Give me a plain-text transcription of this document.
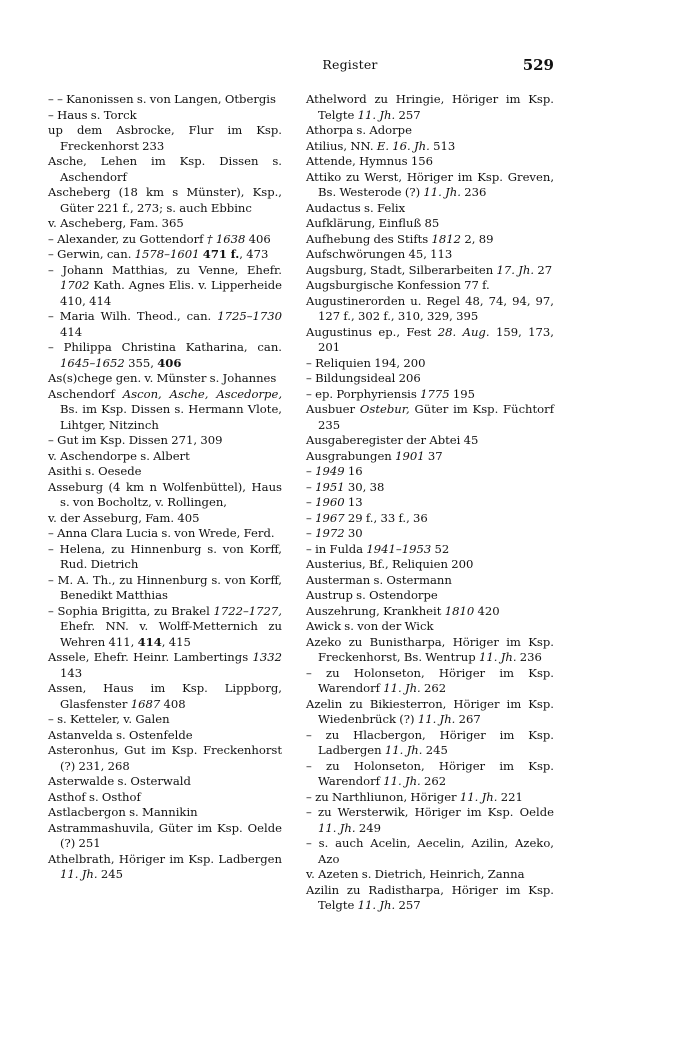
Register	529

– – Kanonissen s. von Langen, Otbergis

– Haus s. Torck

up dem Asbrocke, Flur im Ksp. Freckenhorst 233

Asche, Lehen im Ksp. Dissen s. Aschendorf

Ascheberg (18 km s Münster), Ksp., Güter 221 f., 273; s. auch Ebbinc

v. Ascheberg, Fam. 365

– Alexander, zu Gottendorf † 1638 406

– Gerwin, can. 1578–1601 471 f., 473

– Johann Matthias, zu Venne, Ehefr. 1702 Kath. Agnes Elis. v. Lipperheide 410, 414

– Maria Wilh. Theod., can. 1725–1730 414

– Philippa Christina Katharina, can. 1645–1652 355, 406

As(s)chege gen. v. Münster s. Johannes

Aschendorf Ascon, Asche, Ascedorpe, Bs. im Ksp. Dissen s. Hermann Vlote, Lihtger, Nitzinch

– Gut im Ksp. Dissen 271, 309

v. Aschendorpe s. Albert

Asithi s. Oesede

Asseburg (4 km n Wolfenbüttel), Haus s. von Bocholtz, v. Rollingen,

v. der Asseburg, Fam. 405

– Anna Clara Lucia s. von Wrede, Ferd.

– Helena, zu Hinnenburg s. von Korff, Rud. Dietrich

– M. A. Th., zu Hinnenburg s. von Korff, Benedikt Matthias

– Sophia Brigitta, zu Brakel 1722–1727, Ehefr. NN. v. Wolff-Metternich zu Wehren 411, 414, 415

Assele, Ehefr. Heinr. Lambertings 1332 143

Assen, Haus im Ksp. Lippborg, Glasfenster 1687 408

– s. Ketteler, v. Galen

Astanvelda s. Ostenfelde

Asteronhus, Gut im Ksp. Freckenhorst (?) 231, 268

Asterwalde s. Osterwald

Asthof s. Osthof

Astlacbergon s. Mannikin

Astrammashuvila, Güter im Ksp. Oelde (?) 251

Athelbrath, Höriger im Ksp. Ladbergen 11. Jh. 245

Athelword zu Hringie, Höriger im Ksp. Telgte 11. Jh. 257

Athorpa s. Adorpe

Atilius, NN. E. 16. Jh. 513

Attende, Hymnus 156

Attiko zu Werst, Höriger im Ksp. Greven, Bs. Westerode (?) 11. Jh. 236

Audactus s. Felix

Aufklärung, Einfluß 85

Aufhebung des Stifts 1812 2, 89

Aufschwörungen 45, 113

Augsburg, Stadt, Silberarbeiten 17. Jh. 27

Augsburgische Konfession 77 f.

Augustinerorden u. Regel 48, 74, 94, 97, 127 f., 302 f., 310, 329, 395

Augustinus ep., Fest 28. Aug. 159, 173, 201

– Reliquien 194, 200

– Bildungsideal 206

– ep. Porphyriensis 1775 195

Ausbuer Ostebur, Güter im Ksp. Füchtorf 235

Ausgaberegister der Abtei 45

Ausgrabungen 1901 37

– 1949 16

– 1951 30, 38

– 1960 13

– 1967 29 f., 33 f., 36

– 1972 30

– in Fulda 1941–1953 52

Austerius, Bf., Reliquien 200

Austerman s. Ostermann

Austrup s. Ostendorpe

Auszehrung, Krankheit 1810 420

Awick s. von der Wick

Azeko zu Bunistharpa, Höriger im Ksp. Freckenhorst, Bs. Wentrup 11. Jh. 236

– zu Holonseton, Höriger im Ksp. Warendorf 11. Jh. 262

Azelin zu Bikiesterron, Höriger im Ksp. Wiedenbrück (?) 11. Jh. 267

– zu Hlacbergon, Höriger im Ksp. Ladbergen 11. Jh. 245

– zu Holonseton, Höriger im Ksp. Warendorf 11. Jh. 262

– zu Narthliunon, Höriger 11. Jh. 221

– zu Wersterwik, Höriger im Ksp. Oelde 11. Jh. 249

– s. auch Acelin, Aecelin, Azilin, Azeko, Azo

v. Azeten s. Dietrich, Heinrich, Zanna

Azilin zu Radistharpa, Höriger im Ksp. Telgte 11. Jh. 257
